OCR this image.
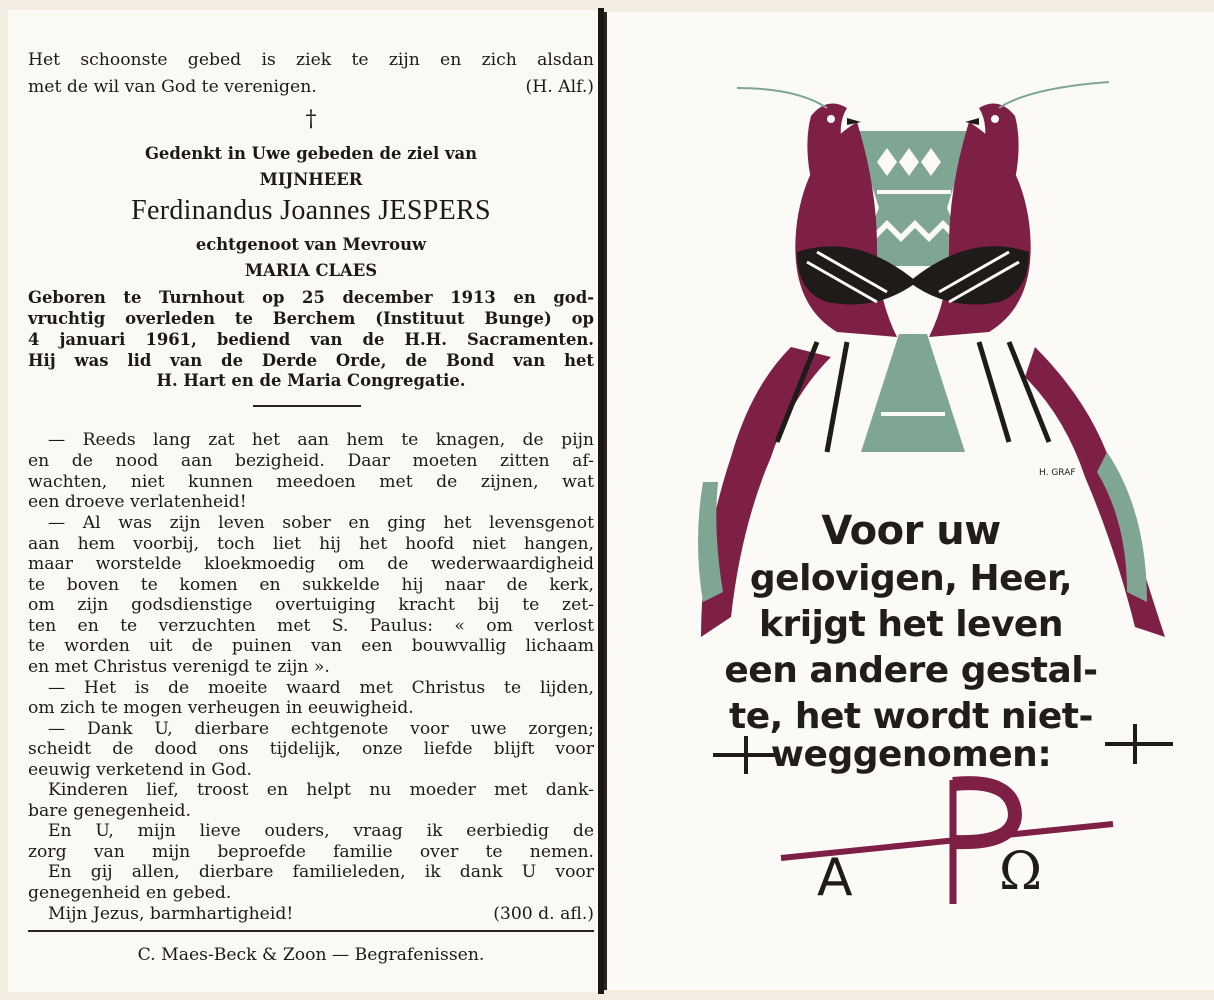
Het schoonste gebed is ziek te zijn en zich alsdan
met de wil van God te verenigen.	(H. Alf.)
†
Gedenkt in Uwe gebeden de ziel van
MIJNHEER
Ferdinandus Joannes JESPERS
echtgenoot van Mevrouw
MARIA CLAES
Geboren te Turnhout op 25 december 1913 en god-
vruchtig overleden te Berchem (Instituut Bunge) op
4 januari 1961, bediend van de H.H. Sacramenten.
Hij was lid van de Derde Orde, de Bond van het
H. Hart en de Maria Congregatie.
— Reeds lang zat het aan hem te knagen, de pijn
en de nood aan bezigheid. Daar moeten zitten af-
wachten, niet kunnen meedoen met de zijnen, wat
een droeve verlatenheid!
— Al was zijn leven sober en ging het levensgenot
aan hem voorbij, toch liet hij het hoofd niet hangen,
maar worstelde kloekmoedig om de wederwaardigheid
te boven te komen en sukkelde hij naar de kerk,
om zijn godsdienstige overtuiging kracht bij te zet-
ten en te verzuchten met S. Paulus: « om verlost
te worden uit de puinen van een bouwvallig lichaam
en met Christus verenigd te zijn ».
— Het is de moeite waard met Christus te lijden,
om zich te mogen verheugen in eeuwigheid.
— Dank U, dierbare echtgenote voor uwe zorgen;
scheidt de dood ons tijdelijk, onze liefde blijft voor
eeuwig verketend in God.
Kinderen lief, troost en helpt nu moeder met dank-
bare genegenheid.
En U, mijn lieve ouders, vraag ik eerbiedig de
zorg van mijn beproefde familie over te nemen.
En gij allen, dierbare familieleden, ik dank U voor
genegenheid en gebed.
Mijn Jezus, barmhartigheid!	(300 d. afl.)
C. Maes-Beck & Zoon — Begrafenissen.
Voor uw
gelovigen, Heer,
krijgt het leven
een andere gestal-
te, het wordt niet-
weggenomen:
H. GRAF
A	Ω
